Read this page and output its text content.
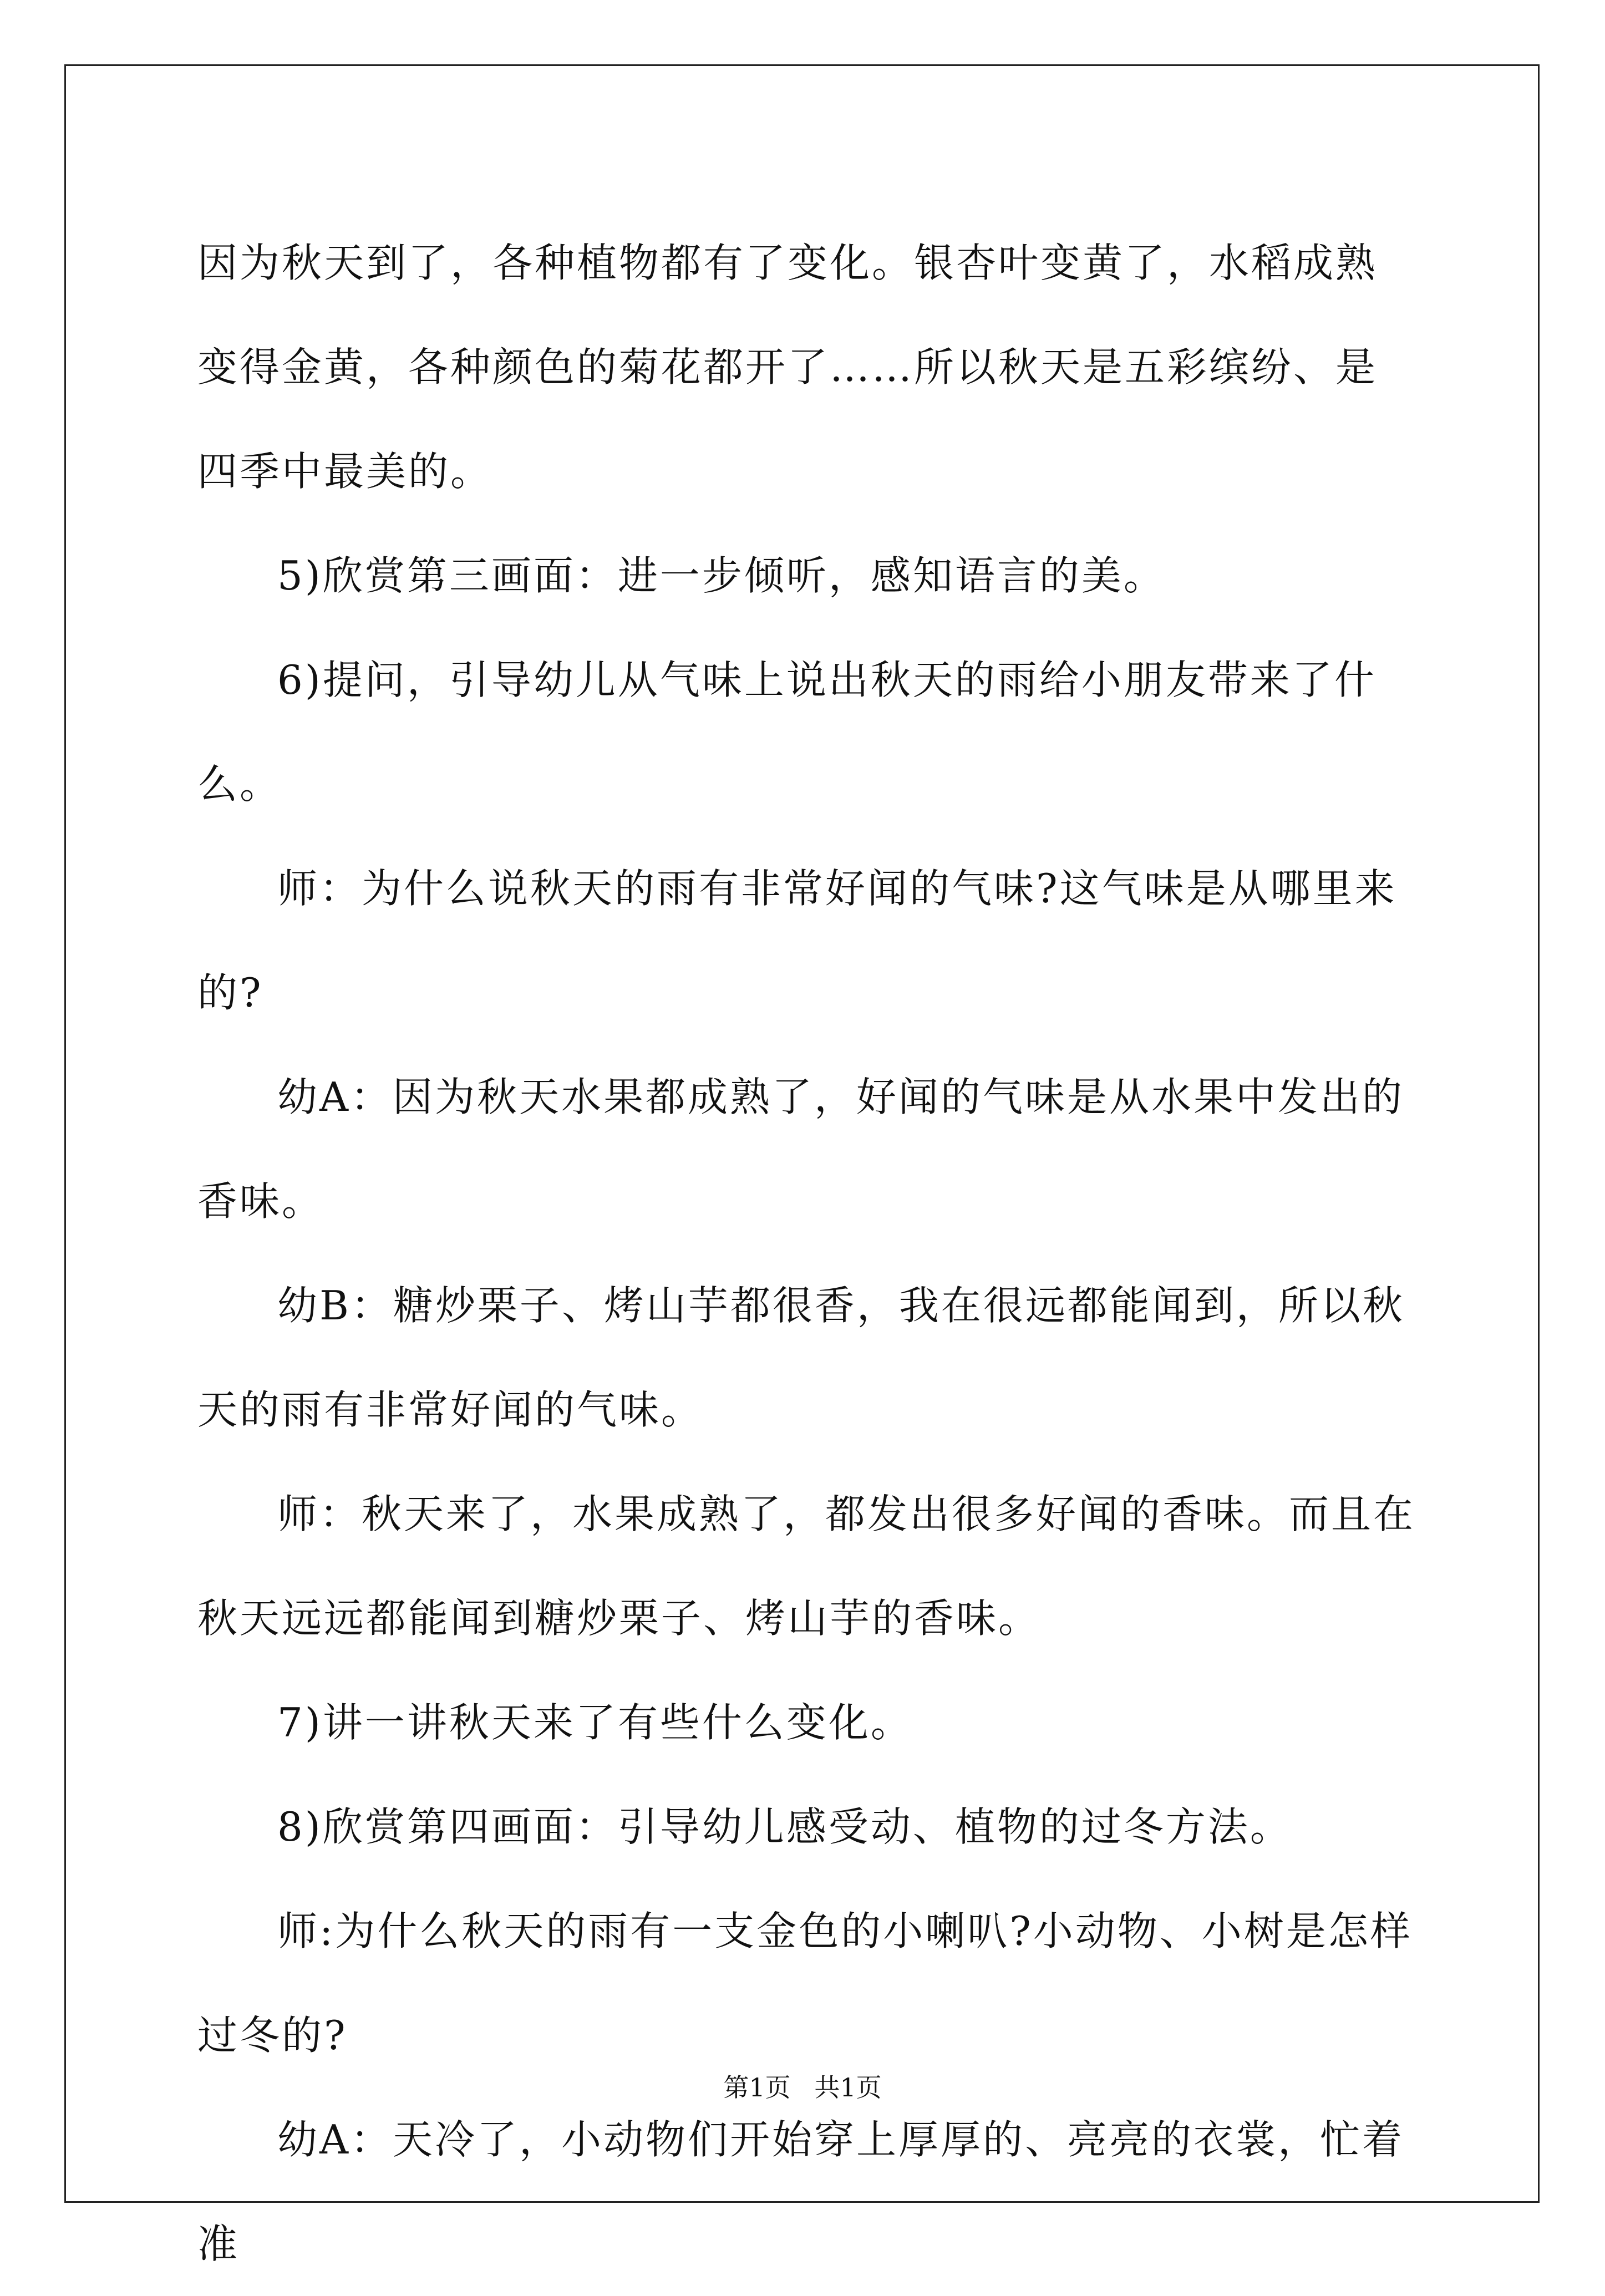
因为秋天到了，各种植物都有了变化。银杏叶变黄了，水稻成熟变得金黄，各种颜色的菊花都开了……所以秋天是五彩缤纷、是四季中最美的。

5)欣赏第三画面：进一步倾听，感知语言的美。

6)提问，引导幼儿从气味上说出秋天的雨给小朋友带来了什么。

师：为什么说秋天的雨有非常好闻的气味?这气味是从哪里来的?

幼A：因为秋天水果都成熟了，好闻的气味是从水果中发出的香味。

幼B：糖炒栗子、烤山芋都很香，我在很远都能闻到，所以秋天的雨有非常好闻的气味。

师：秋天来了，水果成熟了，都发出很多好闻的香味。而且在秋天远远都能闻到糖炒栗子、烤山芋的香味。

7)讲一讲秋天来了有些什么变化。

8)欣赏第四画面：引导幼儿感受动、植物的过冬方法。

师:为什么秋天的雨有一支金色的小喇叭?小动物、小树是怎样过冬的?

幼A：天冷了，小动物们开始穿上厚厚的、亮亮的衣裳，忙着准

第1页 共1页
